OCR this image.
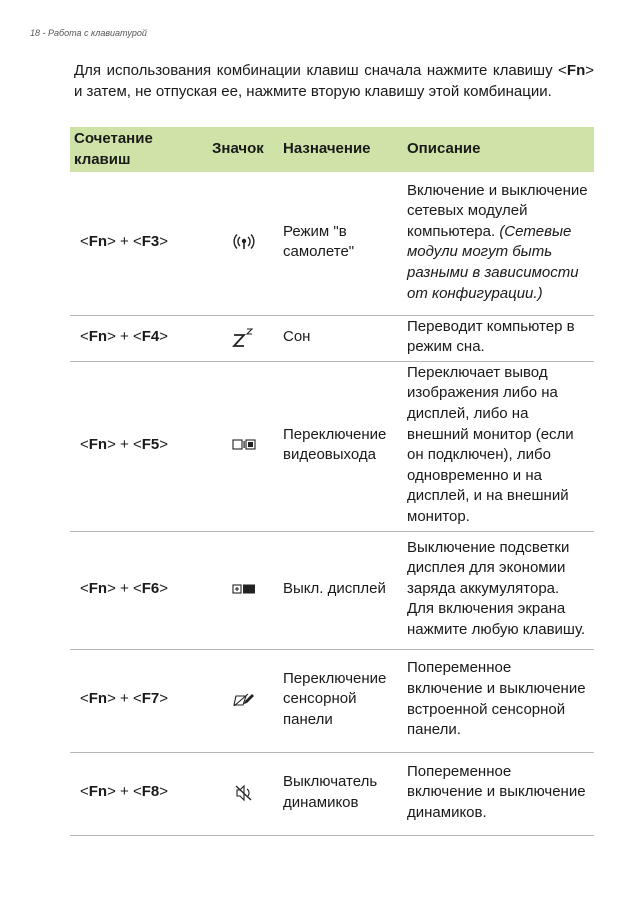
18 - Работа с клавиатурой
Для использования комбинации клавиш сначала нажмите клавишу <Fn> и затем, не отпуская ее, нажмите вторую клавишу этой комбинации.
Сочетание клавиш	Значок	Назначение	Описание
<Fn> + <F3>		Режим "в самолете"	Включение и выключение сетевых модулей компьютера. (Сетевые модули могут быть разными в зависимости от конфигурации.)
<Fn> + <F4>		Сон	Переводит компьютер в режим сна.
<Fn> + <F5>		Переключение видеовыхода	Переключает вывод изображения либо на дисплей, либо на внешний монитор (если он подключен), либо одновременно и на дисплей, и на внешний монитор.
<Fn> + <F6>		Выкл. дисплей	Выключение подсветки дисплея для экономии заряда аккумулятора. Для включения экрана нажмите любую клавишу.
<Fn> + <F7>		Переключение сенсорной панели	Попеременное включение и выключение встроенной сенсорной панели.
<Fn> + <F8>		Выключатель динамиков	Попеременное включение и выключение динамиков.
